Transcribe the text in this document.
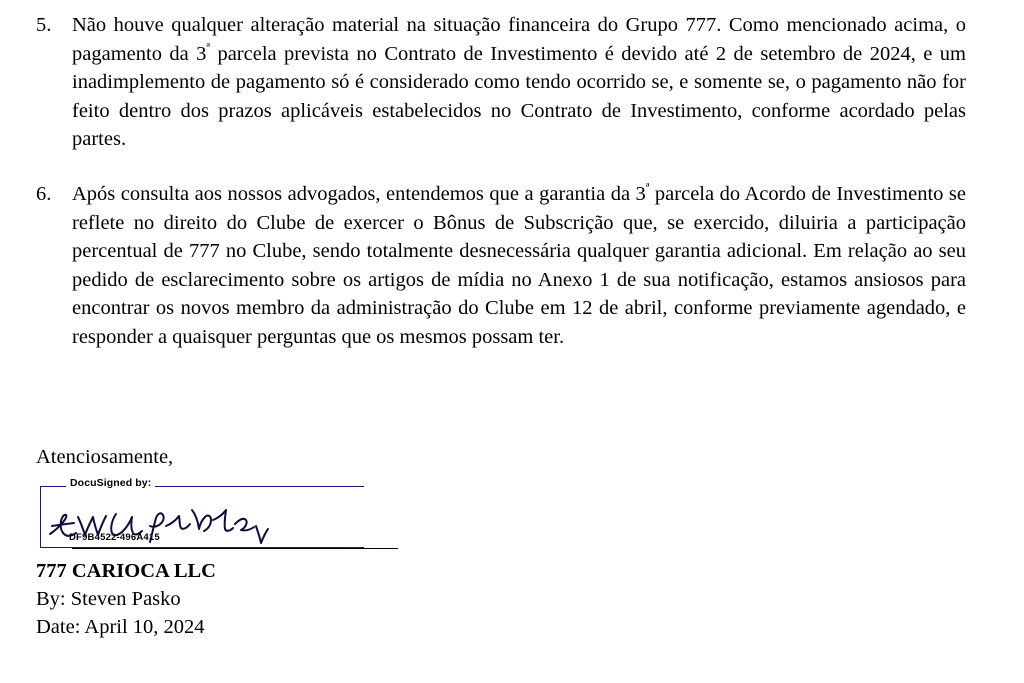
5.	Não houve qualquer alteração material na situação financeira do Grupo 777. Como mencionado acima, o pagamento da $3^ª$ parcela prevista no Contrato de Investimento é devido até 2 de setembro de 2024, e um inadimplemento de pagamento só é considerado como tendo ocorrido se, e somente se, o pagamento não for feito dentro dos prazos aplicáveis estabelecidos no Contrato de Investimento, conforme acordado pelas partes.
6.	Após consulta aos nossos advogados, entendemos que a garantia da $3^ª$ parcela do Acordo de Investimento se reflete no direito do Clube de exercer o Bônus de Subscrição que, se exercido, diluiria a participação percentual de 777 no Clube, sendo totalmente desnecessária qualquer garantia adicional. Em relação ao seu pedido de esclarecimento sobre os artigos de mídia no Anexo 1 de sua notificação, estamos ansiosos para encontrar os novos membro da administração do Clube em 12 de abril, conforme previamente agendado, e responder a quaisquer perguntas que os mesmos possam ter.
Atenciosamente,
DocuSigned by:
DF9B4522-496A415
777 CARIOCA LLC
By: Steven Pasko
Date: April 10, 2024
